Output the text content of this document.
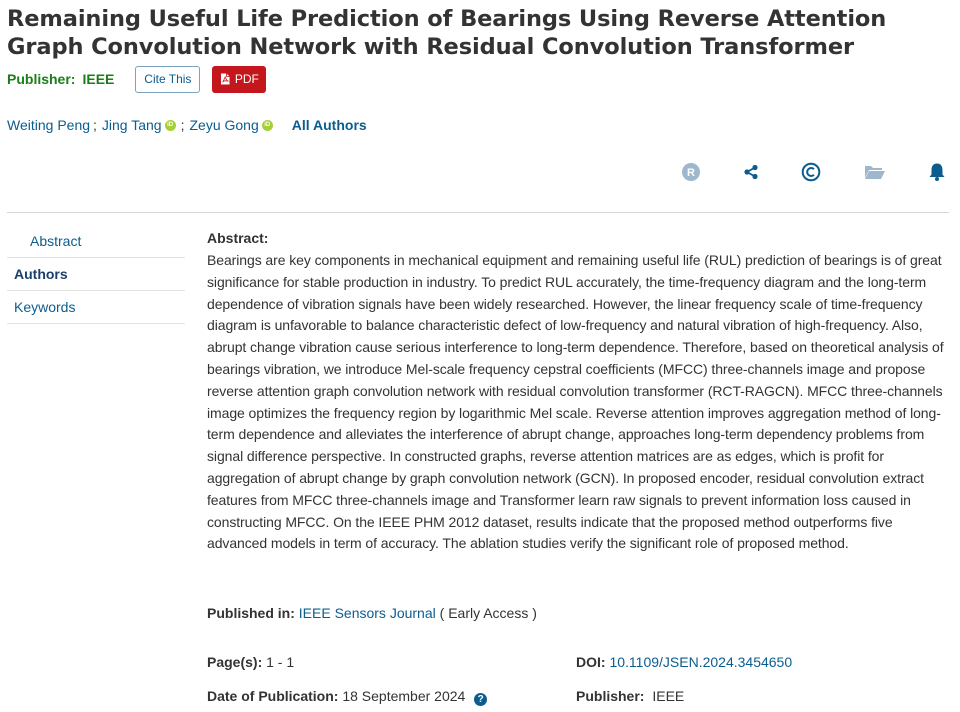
Remaining Useful Life Prediction of Bearings Using Reverse Attention Graph Convolution Network with Residual Convolution Transformer
Publisher: IEEE	Cite This	PDF
Weiting Peng ; Jing Tang iD ; Zeyu Gong iD All Authors
R
Abstract
Authors
Keywords
Abstract:
Bearings are key components in mechanical equipment and remaining useful life (RUL) prediction of bearings is of great significance for stable production in industry. To predict RUL accurately, the time-frequency diagram and the long-term dependence of vibration signals have been widely researched. However, the linear frequency scale of time-frequency diagram is unfavorable to balance characteristic defect of low-frequency and natural vibration of high-frequency. Also, abrupt change vibration cause serious interference to long-term dependence. Therefore, based on theoretical analysis of bearings vibration, we introduce Mel-scale frequency cepstral coefficients (MFCC) three-channels image and propose reverse attention graph convolution network with residual convolution transformer (RCT-RAGCN). MFCC three-channels image optimizes the frequency region by logarithmic Mel scale. Reverse attention improves aggregation method of long-term dependence and alleviates the interference of abrupt change, approaches long-term dependency problems from signal difference perspective. In constructed graphs, reverse attention matrices are as edges, which is profit for aggregation of abrupt change by graph convolution network (GCN). In proposed encoder, residual convolution extract features from MFCC three-channels image and Transformer learn raw signals to prevent information loss caused in constructing MFCC. On the IEEE PHM 2012 dataset, results indicate that the proposed method outperforms five advanced models in term of accuracy. The ablation studies verify the significant role of proposed method.
Published in: IEEE Sensors Journal ( Early Access )
Page(s): 1 - 1	DOI: 10.1109/JSEN.2024.3454650
Date of Publication: 18 September 2024 ?	Publisher: IEEE
